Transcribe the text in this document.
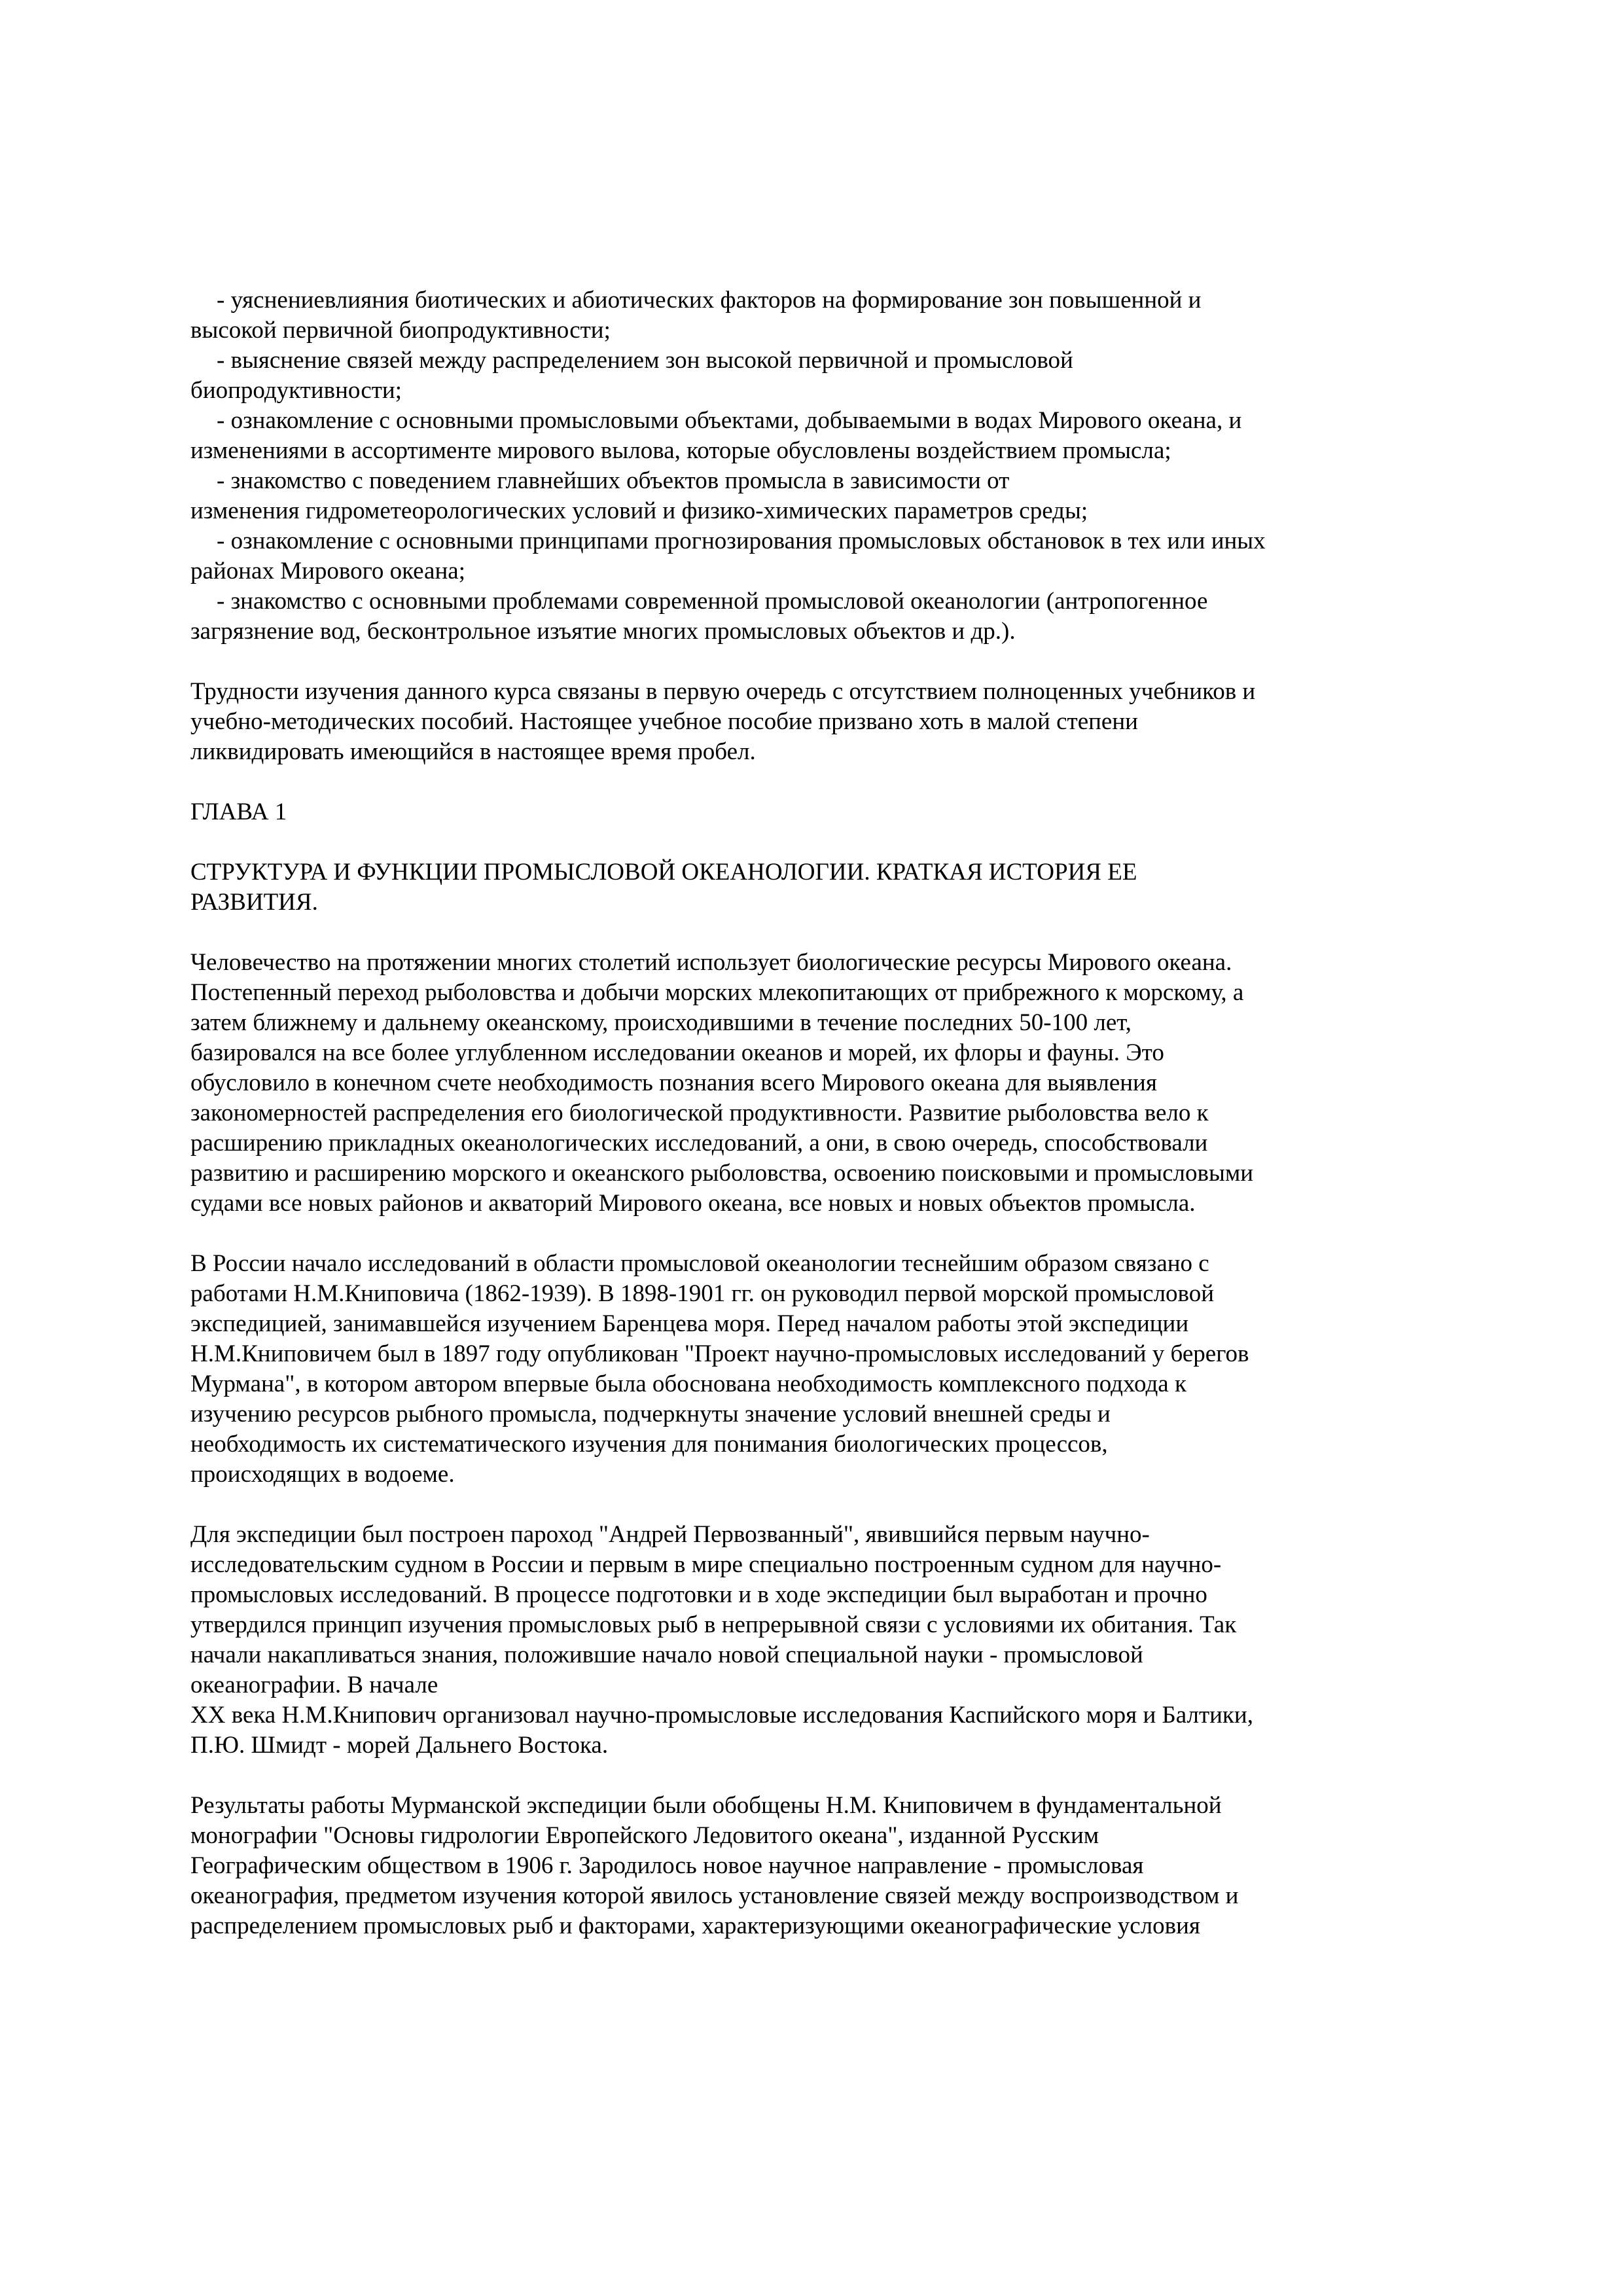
- уяснениевлияния биотических и абиотических факторов на формирование зон повышенной и
высокой первичной биопродуктивности;

- выяснение связей между распределением зон высокой первичной и промысловой
биопродуктивности;

- ознакомление с основными промысловыми объектами, добываемыми в водах Мирового океана, и
изменениями в ассортименте мирового вылова, которые обусловлены воздействием промысла;

- знакомство с поведением главнейших объектов промысла в зависимости от
изменения гидрометеорологических условий и физико-химических параметров среды;

- ознакомление с основными принципами прогнозирования промысловых обстановок в тех или иных
районах Мирового океана;

- знакомство с основными проблемами современной промысловой океанологии (антропогенное
загрязнение вод, бесконтрольное изъятие многих промысловых объектов и др.).

Трудности изучения данного курса связаны в первую очередь с отсутствием полноценных учебников и
учебно-методических пособий. Настоящее учебное пособие призвано хоть в малой степени
ликвидировать имеющийся в настоящее время пробел.

ГЛАВА 1

СТРУКТУРА И ФУНКЦИИ ПРОМЫСЛОВОЙ ОКЕАНОЛОГИИ. КРАТКАЯ ИСТОРИЯ ЕЕ
РАЗВИТИЯ.

Человечество на протяжении многих столетий использует биологические ресурсы Мирового океана.
Постепенный переход рыболовства и добычи морских млекопитающих от прибрежного к морскому, а
затем ближнему и дальнему океанскому, происходившими в течение последних 50-100 лет,
базировался на все более углубленном исследовании океанов и морей, их флоры и фауны. Это
обусловило в конечном счете необходимость познания всего Мирового океана для выявления
закономерностей распределения его биологической продуктивности. Развитие рыболовства вело к
расширению прикладных океанологических исследований, а они, в свою очередь, способствовали
развитию и расширению морского и океанского рыболовства, освоению поисковыми и промысловыми
судами все новых районов и акваторий Мирового океана, все новых и новых объектов промысла.

В России начало исследований в области промысловой океанологии теснейшим образом связано с
работами Н.М.Книповича (1862-1939). В 1898-1901 гг. он руководил первой морской промысловой
экспедицией, занимавшейся изучением Баренцева моря. Перед началом работы этой экспедиции
Н.М.Книповичем был в 1897 году опубликован "Проект научно-промысловых исследований у берегов
Мурмана", в котором автором впервые была обоснована необходимость комплексного подхода к
изучению ресурсов рыбного промысла, подчеркнуты значение условий внешней среды и
необходимость их систематического изучения для понимания биологических процессов,
происходящих в водоеме.

Для экспедиции был построен пароход "Андрей Первозванный", явившийся первым научно-
исследовательским судном в России и первым в мире специально построенным судном для научно-
промысловых исследований. В процессе подготовки и в ходе экспедиции был выработан и прочно
утвердился принцип изучения промысловых рыб в непрерывной связи с условиями их обитания. Так
начали накапливаться знания, положившие начало новой специальной науки - промысловой
океанографии. В начале
XX века Н.М.Книпович организовал научно-промысловые исследования Каспийского моря и Балтики,
П.Ю. Шмидт - морей Дальнего Востока.

Результаты работы Мурманской экспедиции были обобщены Н.М. Книповичем в фундаментальной
монографии "Основы гидрологии Европейского Ледовитого океана", изданной Русским
Географическим обществом в 1906 г. Зародилось новое научное направление - промысловая
океанография, предметом изучения которой явилось установление связей между воспроизводством и
распределением промысловых рыб и факторами, характеризующими океанографические условия
